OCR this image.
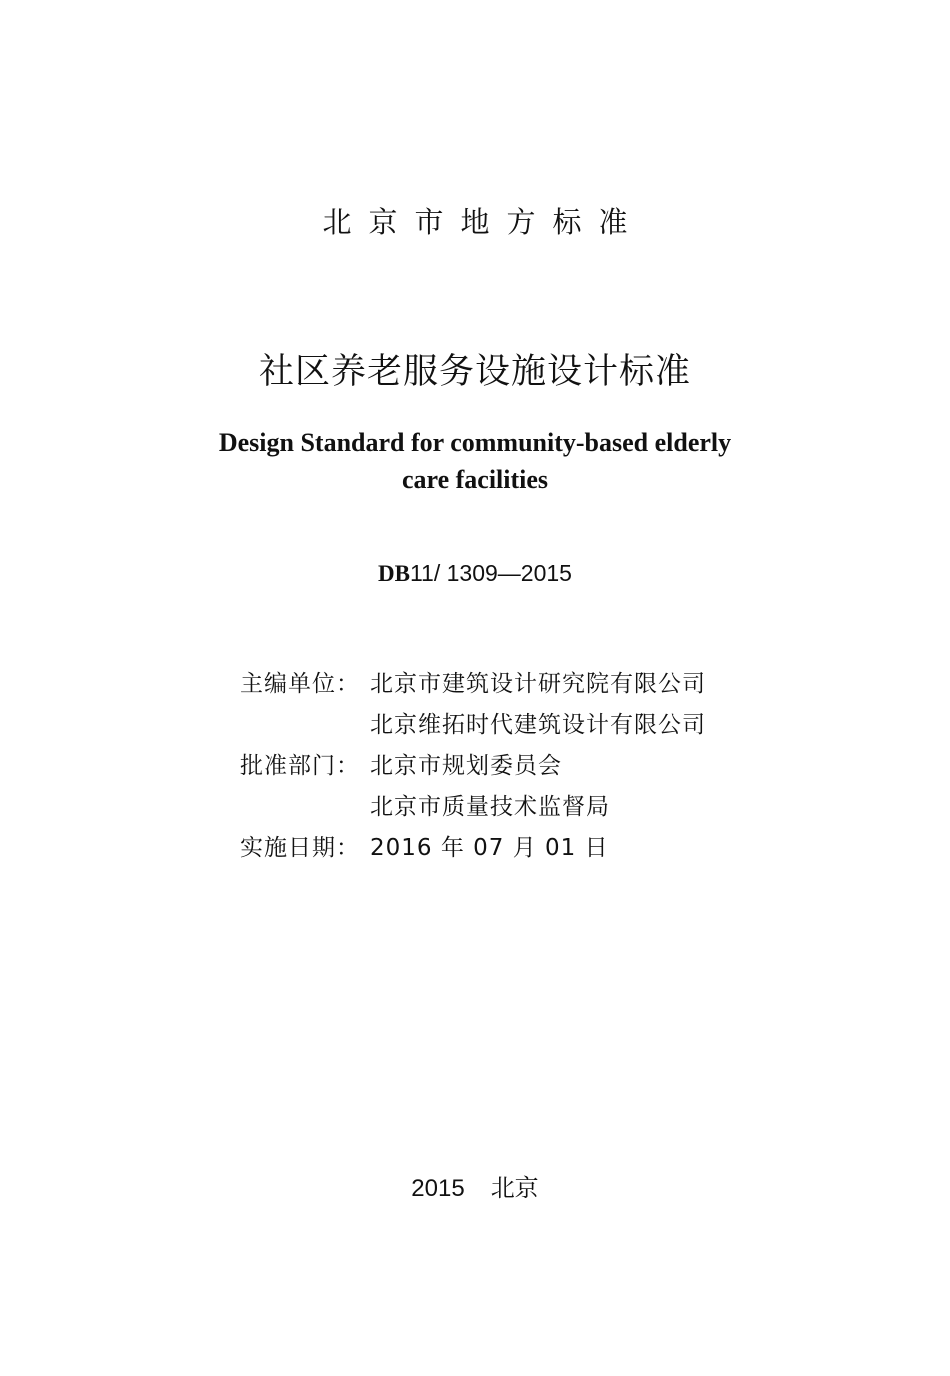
北京市地方标准
社区养老服务设施设计标准
Design Standard for community-based elderly
care facilities
DB11/ 1309—2015
主编单位： 北京市建筑设计研究院有限公司
北京维拓时代建筑设计有限公司
批准部门： 北京市规划委员会
北京市质量技术监督局
实施日期： 2016 年 07 月 01 日
2015 北京
